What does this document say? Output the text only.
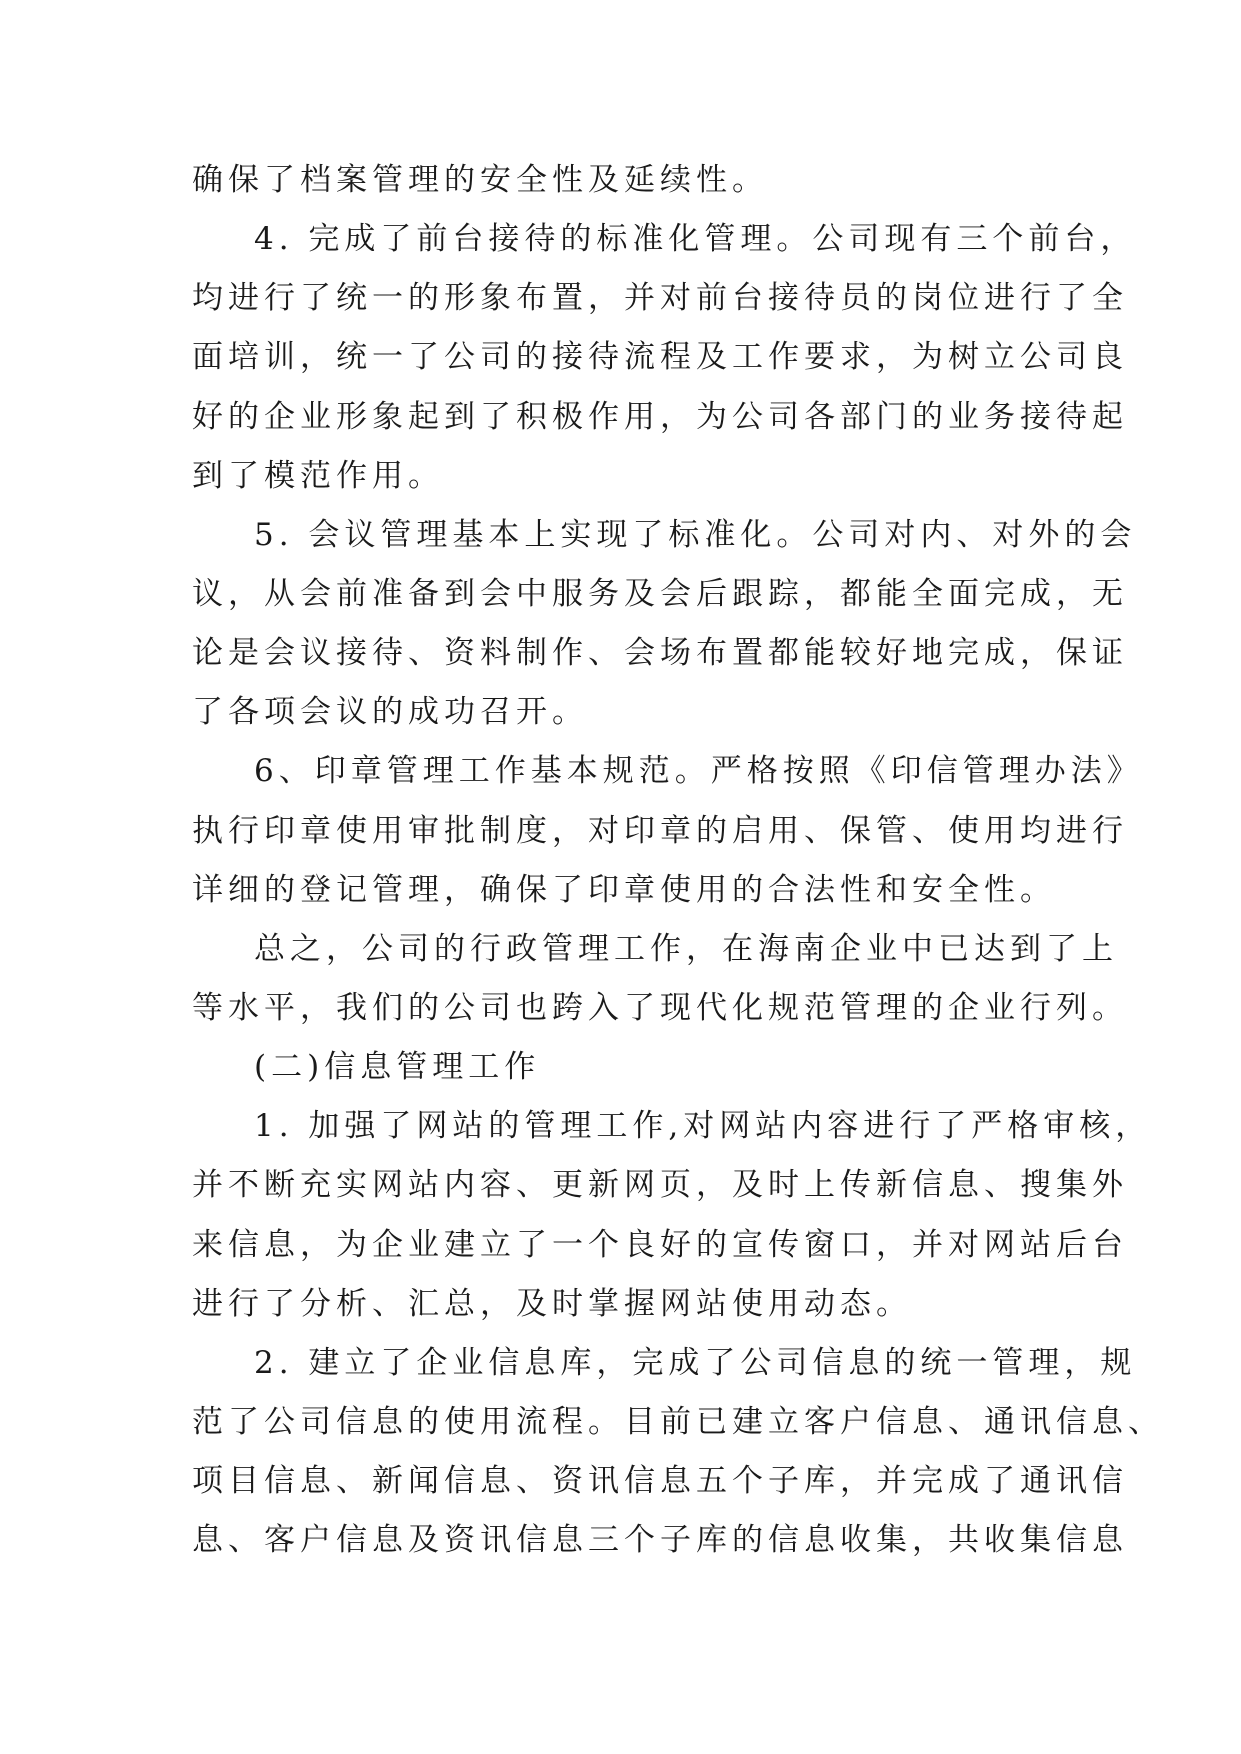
确保了档案管理的安全性及延续性。
4. 完成了前台接待的标准化管理。公司现有三个前台，
均进行了统一的形象布置，并对前台接待员的岗位进行了全
面培训，统一了公司的接待流程及工作要求，为树立公司良
好的企业形象起到了积极作用，为公司各部门的业务接待起
到了模范作用。
5. 会议管理基本上实现了标准化。公司对内、对外的会
议，从会前准备到会中服务及会后跟踪，都能全面完成，无
论是会议接待、资料制作、会场布置都能较好地完成，保证
了各项会议的成功召开。
6、印章管理工作基本规范。严格按照《印信管理办法》
执行印章使用审批制度，对印章的启用、保管、使用均进行
详细的登记管理，确保了印章使用的合法性和安全性。
总之，公司的行政管理工作，在海南企业中已达到了上
等水平，我们的公司也跨入了现代化规范管理的企业行列。
(二)信息管理工作
1. 加强了网站的管理工作,对网站内容进行了严格审核，
并不断充实网站内容、更新网页，及时上传新信息、搜集外
来信息，为企业建立了一个良好的宣传窗口，并对网站后台
进行了分析、汇总，及时掌握网站使用动态。
2. 建立了企业信息库，完成了公司信息的统一管理，规
范了公司信息的使用流程。目前已建立客户信息、通讯信息、
项目信息、新闻信息、资讯信息五个子库，并完成了通讯信
息、客户信息及资讯信息三个子库的信息收集，共收集信息
